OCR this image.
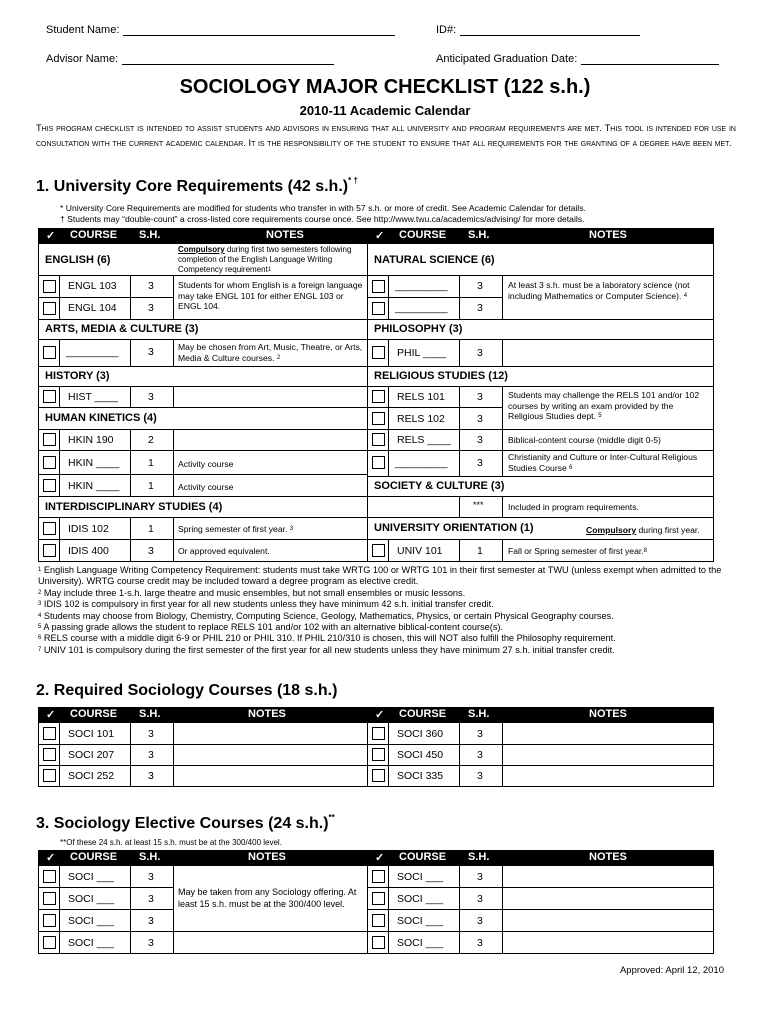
Student Name:	ID#:
Advisor Name:	Anticipated Graduation Date:
SOCIOLOGY MAJOR CHECKLIST (122 s.h.)
2010-11 Academic Calendar
This program checklist is intended to assist students and advisors in ensuring that all university and program requirements are met. This tool is intended for use in consultation with the current academic calendar. It is the responsibility of the student to ensure that all requirements for the granting of a degree have been met.
1. University Core Requirements (42 s.h.)* †
* University Core Requirements are modified for students who transfer in with 57 s.h. or more of credit. See Academic Calendar for details.
† Students may “double-count” a cross-listed core requirements course once. See http://www.twu.ca/academics/advising/ for more details.
✓ COURSE S.H.	NOTES	✓ COURSE S.H.	NOTES
ENGLISH (6)
Compulsory during first two semesters following completion of the English Language Writing Competency requirement$^1$
ENGL 103	3
ENGL 104	3
Students for whom English is a foreign language may take ENGL 101 for either ENGL 103 or ENGL 104.
ARTS, MEDIA & CULTURE (3)
_________	3	May be chosen from Art, Music, Theatre, or Arts, Media & Culture courses. $^2$
HISTORY (3)
HIST ____	3
HUMAN KINETICS (4)
HKIN 190	2
HKIN ____	1	Activity course
HKIN ____	1	Activity course
INTERDISCIPLINARY STUDIES (4)
IDIS 102	1	Spring semester of first year. $^3$
IDIS 400	3	Or approved equivalent.
NATURAL SCIENCE (6)
_________	3
_________	3
At least 3 s.h. must be a laboratory science (not including Mathematics or Computer Science). $^4$
PHILOSOPHY (3)
PHIL ____	3
RELIGIOUS STUDIES (12)
RELS 101	3
RELS 102	3
Students may challenge the RELS 101 and/or 102 courses by writing an exam provided by the Religious Studies dept. $^5$
RELS ____	3	Biblical-content course (middle digit 0-5)
_________	3	Christianity and Culture or Inter-Cultural Religious Studies Course $^6$
SOCIETY & CULTURE (3)
***	Included in program requirements.
UNIVERSITY ORIENTATION (1)	Compulsory during first year.
UNIV 101	1	Fall or Spring semester of first year.$^8$
$^1$ English Language Writing Competency Requirement: students must take WRTG 100 or WRTG 101 in their first semester at TWU (unless exempt when admitted to the University). WRTG course credit may be included toward a degree program as elective credit.
$^2$ May include three 1-s.h. large theatre and music ensembles, but not small ensembles or music lessons.
$^3$ IDIS 102 is compulsory in first year for all new students unless they have minimum 42 s.h. initial transfer credit.
$^4$ Students may choose from Biology, Chemistry, Computing Science, Geology, Mathematics, Physics, or certain Physical Geography courses.
$^5$ A passing grade allows the student to replace RELS 101 and/or 102 with an alternative biblical-content course(s).
$^6$ RELS course with a middle digit 6-9 or PHIL 210 or PHIL 310. If PHIL 210/310 is chosen, this will NOT also fulfill the Philosophy requirement.
$^7$ UNIV 101 is compulsory during the first semester of the first year for all new students unless they have minimum 27 s.h. initial transfer credit.
2. Required Sociology Courses (18 s.h.)
✓ COURSE S.H.	NOTES	✓ COURSE S.H.	NOTES
SOCI 101	3
SOCI 207	3
SOCI 252	3
SOCI 360	3
SOCI 450	3
SOCI 335	3
3. Sociology Elective Courses (24 s.h.)**
**Of these 24 s.h. at least 15 s.h. must be at the 300/400 level.
✓ COURSE S.H.	NOTES	✓ COURSE S.H.	NOTES
SOCI ___	3
SOCI ___	3
SOCI ___	3
SOCI ___	3
May be taken from any Sociology offering. At least 15 s.h. must be at the 300/400 level.
SOCI ___	3
SOCI ___	3
SOCI ___	3
SOCI ___	3
Approved: April 12, 2010
